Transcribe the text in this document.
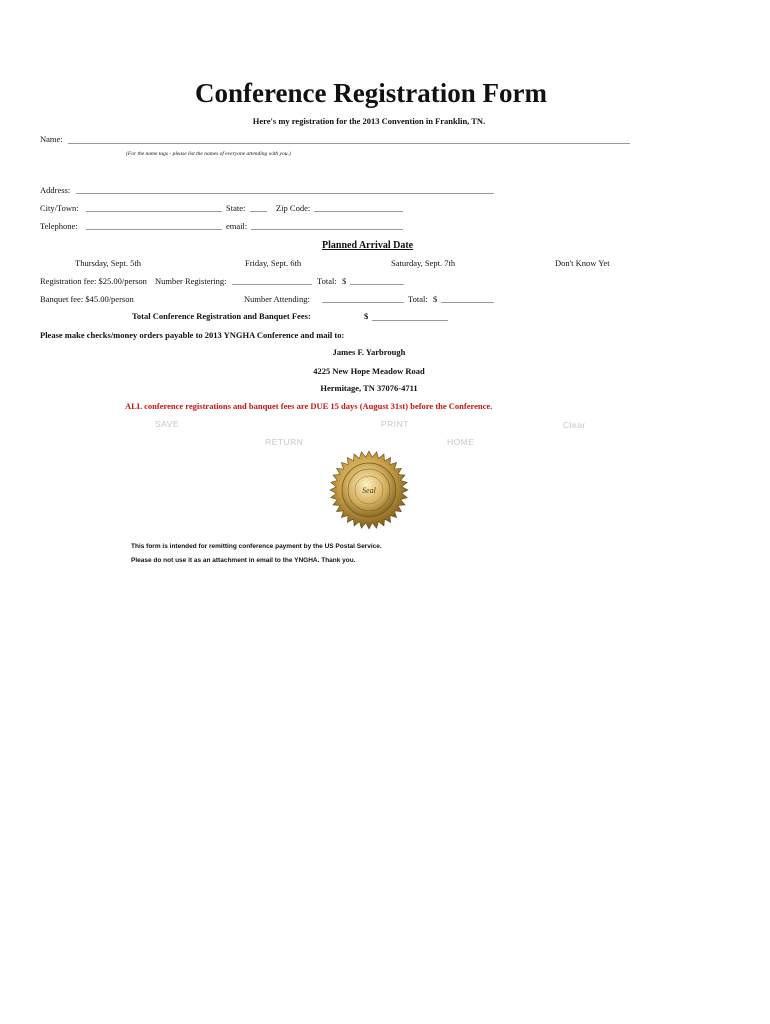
Conference Registration Form
Here's my registration for the 2013 Convention in Franklin, TN.
Name:
(For the name tags - please list the names of everyone attending with you.)
Address:
City/Town:	State:	Zip Code:
Telephone:	email:
Planned Arrival Date
Thursday, Sept. 5th	Friday, Sept. 6th	Saturday, Sept. 7th	Don't Know Yet
Registration fee: $25.00/person Number Registering:	Total: $
Banquet fee: $45.00/person	Number Attending:	Total: $
Total Conference Registration and Banquet Fees:	$
Please make checks/money orders payable to 2013 YNGHA Conference and mail to:
James F. Yarbrough
4225 New Hope Meadow Road
Hermitage, TN 37076-4711
ALL conference registrations and banquet fees are DUE 15 days (August 31st) before the Conference.
SAVE	PRINT	Clear
RETURN	HOME
Seal
This form is intended for remitting conference payment by the US Postal Service.
Please do not use it as an attachment in email to the YNGHA. Thank you.
